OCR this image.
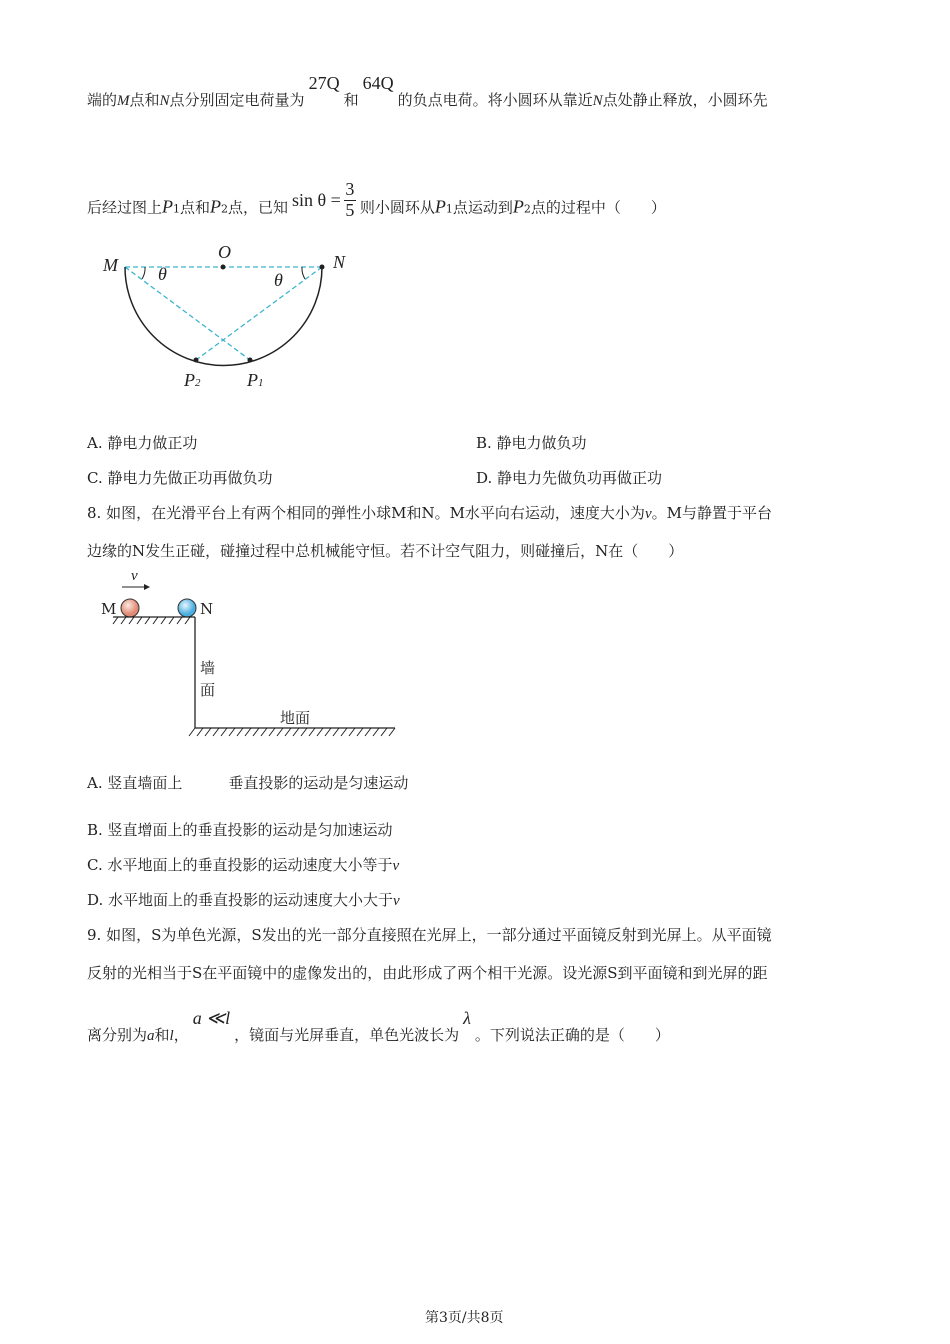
端的M点和N点分别固定电荷量为27Q和64Q的负点电荷。将小圆环从靠近N点处静止释放，小圆环先
后经过图上P1点和P2点，已知 $\sin \theta = \frac{3}{5}$ 则小圆环从P1点运动到P2点的过程中（　　）
M
O	N
θ	θ
P2	P1
A. 静电力做正功	B. 静电力做负功
C. 静电力先做正功再做负功	D. 静电力先做负功再做正功
8. 如图，在光滑平台上有两个相同的弹性小球M和N。M水平向右运动，速度大小为v。M与静置于平台
边缘的N发生正碰，碰撞过程中总机械能守恒。若不计空气阻力，则碰撞后，N在（　　）
v
M	N
墙
面
地面
A. 竖直墙面上	垂直投影的运动是匀速运动
B. 竖直增面上的垂直投影的运动是匀加速运动
C. 水平地面上的垂直投影的运动速度大小等于v
D. 水平地面上的垂直投影的运动速度大小大于v
9. 如图，S为单色光源，S发出的光一部分直接照在光屏上，一部分通过平面镜反射到光屏上。从平面镜
反射的光相当于S在平面镜中的虚像发出的，由此形成了两个相干光源。设光源S到平面镜和到光屏的距
离分别为a和l，a ≪l，镜面与光屏垂直，单色光波长为λ。下列说法正确的是（　　）
第3页/共8页
